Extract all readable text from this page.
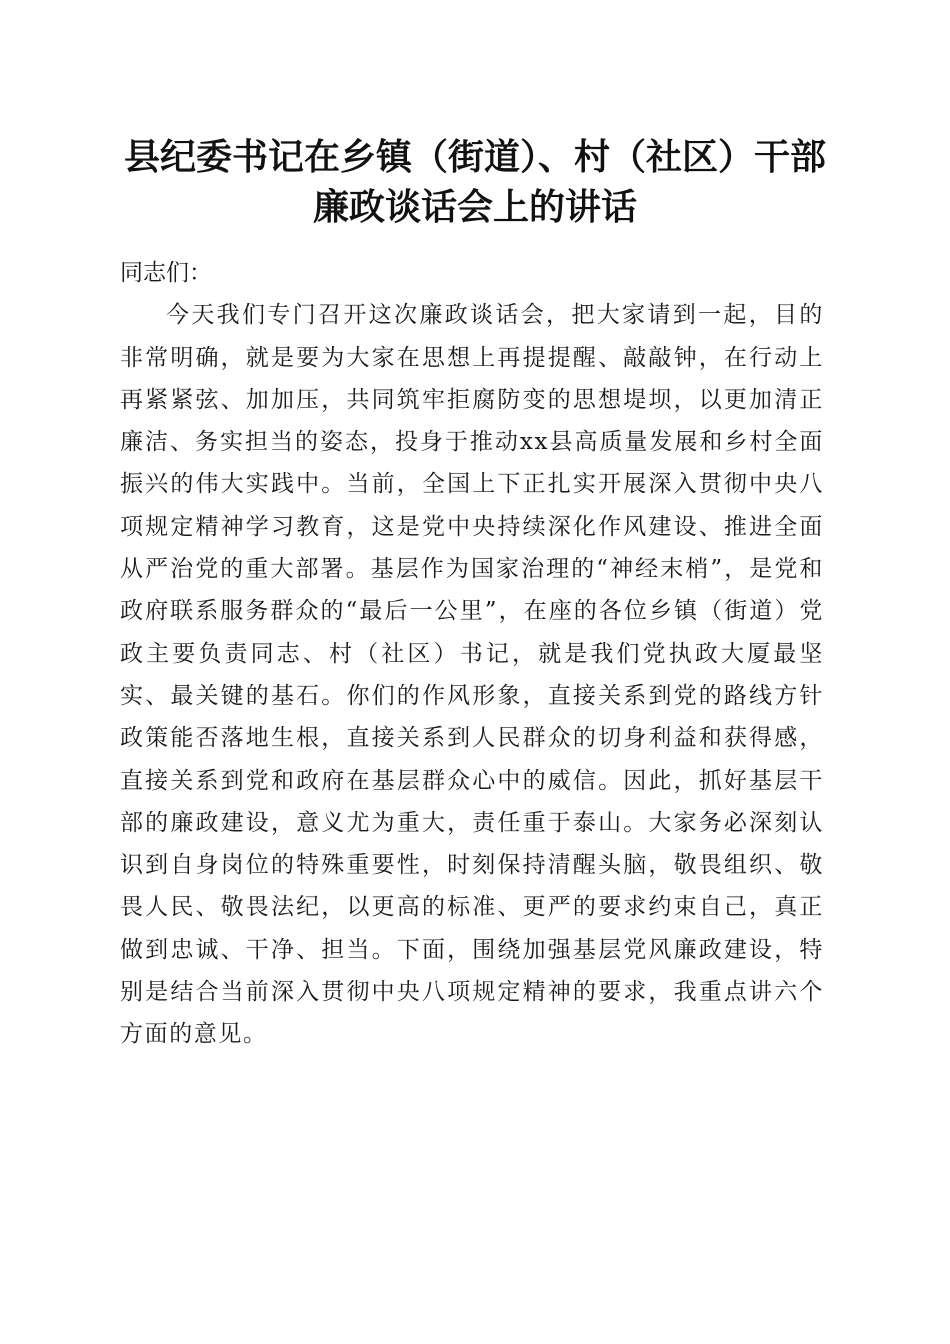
县纪委书记在乡镇（街道）、村（社区）干部
廉政谈话会上的讲话

同志们：

今天我们专门召开这次廉政谈话会，把大家请到一起，目的非常明确，就是要为大家在思想上再提提醒、敲敲钟，在行动上再紧紧弦、加加压，共同筑牢拒腐防变的思想堤坝，以更加清正廉洁、务实担当的姿态，投身于推动xx县高质量发展和乡村全面振兴的伟大实践中。当前，全国上下正扎实开展深入贯彻中央八项规定精神学习教育，这是党中央持续深化作风建设、推进全面从严治党的重大部署。基层作为国家治理的“神经末梢”，是党和政府联系服务群众的“最后一公里”，在座的各位乡镇（街道）党政主要负责同志、村（社区）书记，就是我们党执政大厦最坚实、最关键的基石。你们的作风形象，直接关系到党的路线方针政策能否落地生根，直接关系到人民群众的切身利益和获得感，直接关系到党和政府在基层群众心中的威信。因此，抓好基层干部的廉政建设，意义尤为重大，责任重于泰山。大家务必深刻认识到自身岗位的特殊重要性，时刻保持清醒头脑，敬畏组织、敬畏人民、敬畏法纪，以更高的标准、更严的要求约束自己，真正做到忠诚、干净、担当。下面，围绕加强基层党风廉政建设，特别是结合当前深入贯彻中央八项规定精神的要求，我重点讲六个方面的意见。
